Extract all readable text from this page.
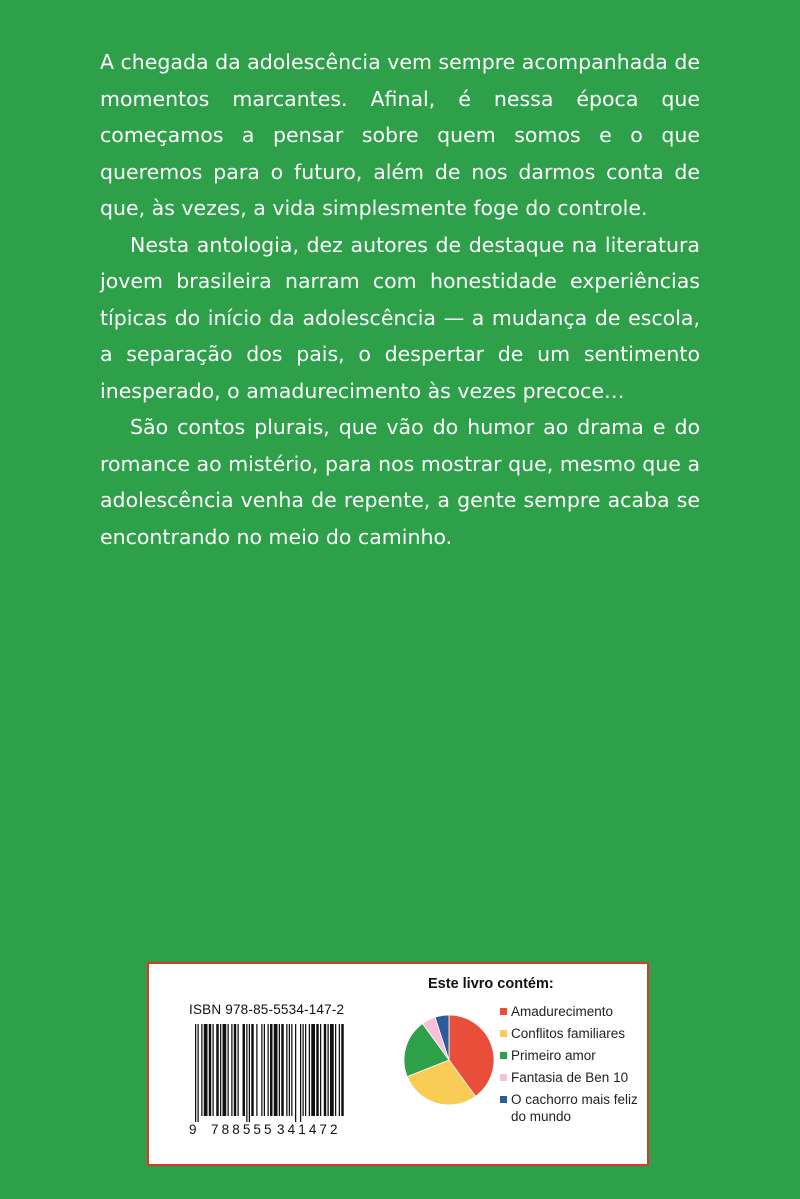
A chegada da adolescência vem sempre acompanhada de momentos marcantes. Afinal, é nessa época que começamos a pensar sobre quem somos e o que queremos para o futuro, além de nos darmos conta de que, às vezes, a vida simplesmente foge do controle.

Nesta antologia, dez autores de destaque na literatura jovem brasileira narram com honestidade experiências típicas do início da adolescência — a mudança de escola, a separação dos pais, o despertar de um sentimento inesperado, o amadurecimento às vezes precoce…

São contos plurais, que vão do humor ao drama e do romance ao mistério, para nos mostrar que, mesmo que a adolescência venha de repente, a gente sempre acaba se encontrando no meio do caminho.

ISBN 978-85-5534-147-2
9	788555 341472
Este livro contém:
Amadurecimento
Conflitos familiares
Primeiro amor
Fantasia de Ben 10
O cachorro mais feliz do mundo
